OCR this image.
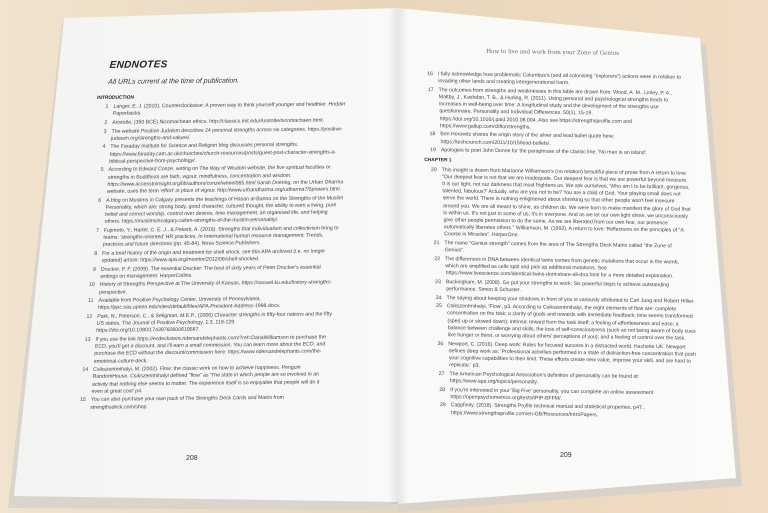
ENDNOTES
All URLs current at the time of publication.
INTRODUCTION
1 Langer, E. J. (2010). Counterclockwise: A proven way to think yourself younger and healthier. Hodder Paperbacks.
2 Aristotle, (350 BCE) Nicomachean ethics. http://classics.mit.edu/Aristotle/nicomachaen.html.
3 The website Positive Judaism describes 24 personal strengths across six categories. https://positive-judaism.org/strengths-and-values/.
4 The Faraday Institute for Science and Religion blog discusses personal strengths. https://www.faraday.cam.ac.uk/churches/church-resources/posts/guest-post-character-strengths-a-biblical-perspective-from-psychology/.
5 According to Edward Conze, writing on The Way of Wisdom website, the five spiritual faculties or strengths in Buddhism are faith, vigour, mindfulness, concentration and wisdom. https://www.accesstoinsight.org/lib/authors/conze/wheel065.html Sarah Doering, on the Urban Dharma website, uses the term 'effort' in place of vigour. http://www.urbandharma.org/udharma7/5powers.html.
6 A blog on Muslims in Calgary presents the teachings of Hasan al-Banna on the Strengths of the Muslim Personality, which are: strong body, good character, cultured thought, the ability to earn a living, pure belief and correct worship, control over desires, time management, an organised life, and helping others. https://muslimsincalgary.ca/ten-strengths-of-the-muslim-personality/.
7 Fujimoto, Y., Hartel, C. E. J., & Pekerti, A. (2016). Strengths that individualism and collectivism bring to teams: 'strengths-oriented' HR practices. In International human resource management: Trends, practices and future directions (pp. 45-84). Nova Science Publishers.
8 For a brief history of the origin and treatment for shell shock, see this APA archived (i.e. no longer updated) article: https://www.apa.org/monitor/2012/06/shell-shocked.
9 Drucker, P. F. (2009). The essential Drucker: The best of sixty years of Peter Drucker's essential writings on management. HarperCollins.
10 History of Strengths Perspective at The University of Kansas, https://socwel.ku.edu/history-strengths-perspective.
11 Available from Positive Psychology Center, University of Pennsylvania, https://ppc.sas.upenn.edu/sites/default/files/APA-President-Address-1998.docx.
12 Park, N., Peterson, C., & Seligman, M.E.P., (2006) Character strengths in fifty-four nations and the fifty US states, The Journal of Positive Psychology, 1:3, 118-129. https://doi.org/10.1080/17439760600619567.
13 If you use the link https://ecdeckstore.ridersandelephants.com/?ref=DariaWilliamson to purchase the ECD, you'll get a discount, and I'll earn a small commission. You can learn more about the ECD, and purchase the ECD without the discount/commission here: https://www.ridersandelephants.com/the-emotional-culture-deck.
14 Csikszentmihalyi, M. (2002). Flow: the classic work on how to achieve happiness. Penguin RandomHouse. Csikszentmihalyi defined "flow" as 'The state in which people are so involved in an activity that nothing else seems to matter. The experience itself is so enjoyable that people will do it even at great cost' p4.
15 You can also purchase your own pack of The Strengths Deck Cards and Matrix from strengthsdeck.com/shop.
208
How to live and work from your Zone of Genius
16 I fully acknowledge how problematic Columbus's (and all colonising "explorers") actions were in relation to invading other lands and creating intergenerational harm.
17 The outcomes from strengths and weaknesses in this table are drawn from: Wood, A. M., Linley, P. A., Maltby, J., Kashdan, T. B., & Hurling, R. (2011). Using personal and psychological strengths leads to increases in well-being over time: A longitudinal study and the development of the strengths use questionnaire. Personality and Individual Differences, 50(1), 15-19. https://doi.org/10.1016/j.paid.2010.08.004. Also see https://strengthsprofile.com and https://www.gallup.com/cliftonstrengths.
18 Ben Horowitz shares the origin story of the silver and lead bullet quote here: https://techcrunch.com/2011/10/15/lead-bullets/.
19 Apologies to poet John Donne for the paraphrase of the classic line, 'No man is an island'.
CHAPTER 1
20 This insight is drawn from Marianne Williamson's (no relation) beautiful piece of prose from A return to love: "Our deepest fear is not that we are inadequate. Our deepest fear is that we are powerful beyond measure. It is our light, not our darkness that most frightens us. We ask ourselves, 'Who am I to be brilliant, gorgeous, talented, fabulous?' Actually, who are you not to be? You are a child of God. Your playing small does not serve the world. There is nothing enlightened about shrinking so that other people won't feel insecure around you. We are all meant to shine, as children do. We were born to make manifest the glory of God that is within us. It's not just in some of us; it's in everyone. And as we let our own light shine, we unconsciously give other people permission to do the same. As we are liberated from our own fear, our presence automatically liberates others." Williamson, M. (1992). A return to love: Reflections on the principles of "A Course in Miracles". HarperOne.
21 The name "Genius strength" comes from the area of The Strengths Deck Matrix called "the Zone of Genius".
22 The differences in DNA between identical twins comes from genetic mutations that occur in the womb, which are amplified as cells split and pick up additional mutations. See https://www.livescience.com/identical-twins-dont-share-all-dna.html for a more detailed explanation.
23 Buckingham, M. (2008). Go put your strengths to work: Six powerful steps to achieve outstanding performance. Simon & Schuster.
24 The saying about keeping your shadows in front of you is variously attributed to Carl Jung and Robert Hillier.
25 Csikszentmihalyi, 'Flow', p3. According to Csikszentmihalyi, the eight elements of flow are: complete concentration on the task; a clarity of goals and rewards with immediate feedback; time seems transformed (sped up or slowed down); intrinsic reward from the task itself; a feeling of effortlessness and ease; a balance between challenge and skills; the loss of self-consciousness (such as not being aware of body cues like hunger or thirst, or worrying about others' perceptions of you); and a feeling of control over the task.
26 Newport, C. (2016). Deep work: Rules for focused success in a distracted world. Hachette UK. Newport defines deep work as: 'Professional activities performed in a state of distraction-free concentration that push your cognitive capabilities to their limit. These efforts create new value, improve your skill, and are hard to replicate.' p3.
27 The American Psychological Association's definition of personality can be found at: https://www.apa.org/topics/personality.
28 If you're interested in your 'Big Five' personality, you can complete an online assessment https://openpsychometrics.org/tests/IPIP-BFFM/.
29 Cappfinity. (2018). Strengths Profile technical manual and statistical properties, p47., https://www.strengthsprofile.com/en-GB/Resources/IntroPapers.
209
